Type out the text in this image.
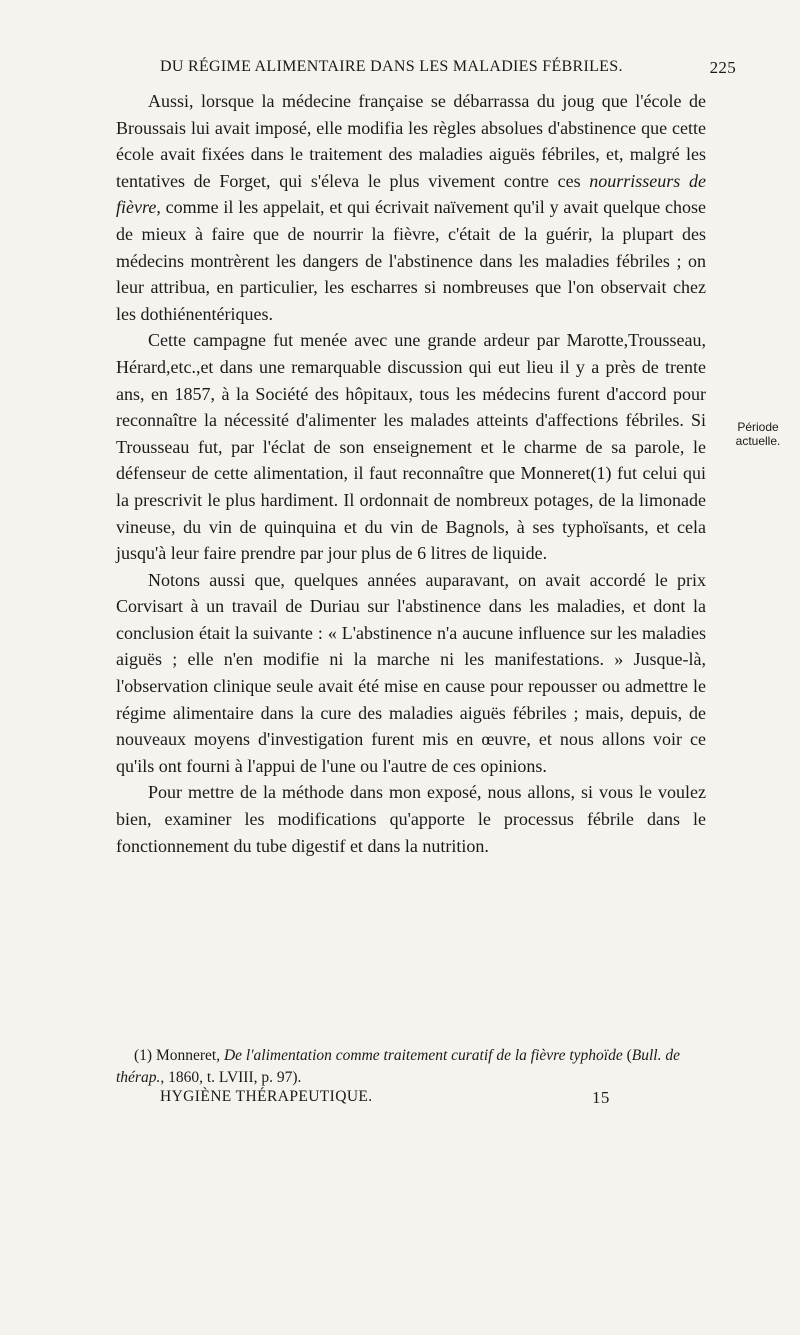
DU RÉGIME ALIMENTAIRE DANS LES MALADIES FÉBRILES.	225

Aussi, lorsque la médecine française se débarrassa du joug que l'école de Broussais lui avait imposé, elle modifia les règles absolues d'abstinence que cette école avait fixées dans le traitement des maladies aiguës fébriles, et, malgré les tentatives de Forget, qui s'éleva le plus vivement contre ces nourrisseurs de fièvre, comme il les appelait, et qui écrivait naïvement qu'il y avait quelque chose de mieux à faire que de nourrir la fièvre, c'était de la guérir, la plupart des médecins montrèrent les dangers de l'abstinence dans les maladies fébriles ; on leur attribua, en particulier, les escharres si nombreuses que l'on observait chez les dothiénentériques.

Cette campagne fut menée avec une grande ardeur par Marotte,Trousseau, Hérard,etc.,et dans une remarquable discussion qui eut lieu il y a près de trente ans, en 1857, à la Société des hôpitaux, tous les médecins furent d'accord pour reconnaître la nécessité d'alimenter les malades atteints d'affections fébriles. Si Trousseau fut, par l'éclat de son enseignement et le charme de sa parole, le défenseur de cette alimentation, il faut reconnaître que Monneret(1) fut celui qui la prescrivit le plus hardiment. Il ordonnait de nombreux potages, de la limonade vineuse, du vin de quinquina et du vin de Bagnols, à ses typhoïsants, et cela jusqu'à leur faire prendre par jour plus de 6 litres de liquide.

Notons aussi que, quelques années auparavant, on avait accordé le prix Corvisart à un travail de Duriau sur l'abstinence dans les maladies, et dont la conclusion était la suivante : « L'abstinence n'a aucune influence sur les maladies aiguës ; elle n'en modifie ni la marche ni les manifestations. » Jusque-là, l'observation clinique seule avait été mise en cause pour repousser ou admettre le régime alimentaire dans la cure des maladies aiguës fébriles ; mais, depuis, de nouveaux moyens d'investigation furent mis en œuvre, et nous allons voir ce qu'ils ont fourni à l'appui de l'une ou l'autre de ces opinions.

Pour mettre de la méthode dans mon exposé, nous allons, si vous le voulez bien, examiner les modifications qu'apporte le processus fébrile dans le fonctionnement du tube digestif et dans la nutrition.

Période
actuelle.
(1) Monneret, De l'alimentation comme traitement curatif de la fièvre typhoïde (Bull. de thérap., 1860, t. LVIII, p. 97).
HYGIÈNE THÉRAPEUTIQUE.	15
